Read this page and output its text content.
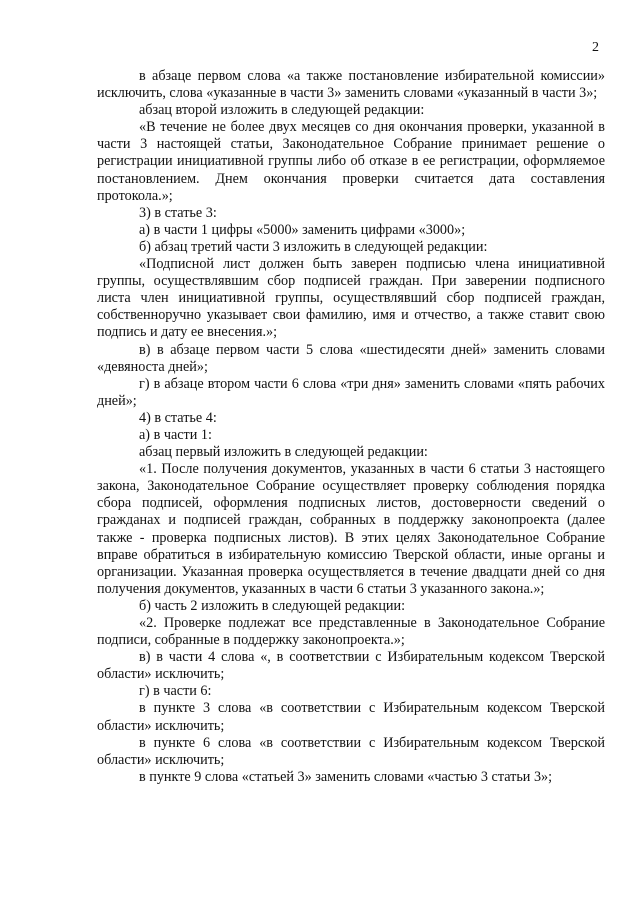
2

в абзаце первом слова «а также постановление избирательной комиссии» исключить, слова «указанные в части 3» заменить словами «указанный в части 3»;

абзац второй изложить в следующей редакции:

«В течение не более двух месяцев со дня окончания проверки, указанной в части 3 настоящей статьи, Законодательное Собрание принимает решение о регистрации инициативной группы либо об отказе в ее регистрации, оформляемое постановлением. Днем окончания проверки считается дата составления протокола.»;

3) в статье 3:

а) в части 1 цифры «5000» заменить цифрами «3000»;

б) абзац третий части 3 изложить в следующей редакции:

«Подписной лист должен быть заверен подписью члена инициативной группы, осуществлявшим сбор подписей граждан. При заверении подписного листа член инициативной группы, осуществлявший сбор подписей граждан, собственноручно указывает свои фамилию, имя и отчество, а также ставит свою подпись и дату ее внесения.»;

в) в абзаце первом части 5 слова «шестидесяти дней» заменить словами «девяноста дней»;

г) в абзаце втором части 6 слова «три дня» заменить словами «пять рабочих дней»;

4) в статье 4:

а) в части 1:

абзац первый изложить в следующей редакции:

«1. После получения документов, указанных в части 6 статьи 3 настоящего закона, Законодательное Собрание осуществляет проверку соблюдения порядка сбора подписей, оформления подписных листов, достоверности сведений о гражданах и подписей граждан, собранных в поддержку законопроекта (далее также - проверка подписных листов). В этих целях Законодательное Собрание вправе обратиться в избирательную комиссию Тверской области, иные органы и организации. Указанная проверка осуществляется в течение двадцати дней со дня получения документов, указанных в части 6 статьи 3 указанного закона.»;

б) часть 2 изложить в следующей редакции:

«2. Проверке подлежат все представленные в Законодательное Собрание подписи, собранные в поддержку законопроекта.»;

в) в части 4 слова «, в соответствии с Избирательным кодексом Тверской области» исключить;

г) в части 6:

в пункте 3 слова «в соответствии с Избирательным кодексом Тверской области» исключить;

в пункте 6 слова «в соответствии с Избирательным кодексом Тверской области» исключить;

в пункте 9 слова «статьей 3» заменить словами «частью 3 статьи 3»;
